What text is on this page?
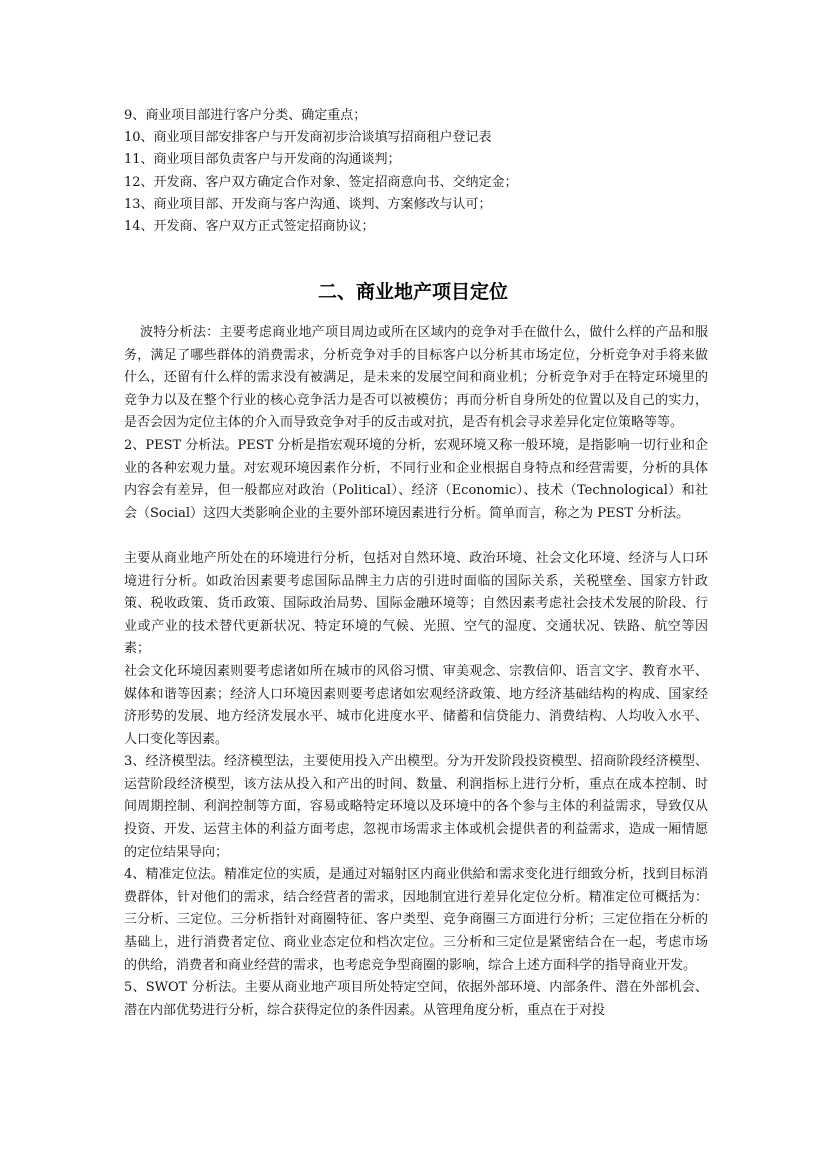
9、商业项目部进行客户分类、确定重点；
10、商业项目部安排客户与开发商初步洽谈填写招商租户登记表
11、商业项目部负责客户与开发商的沟通谈判；
12、开发商、客户双方确定合作对象、签定招商意向书、交纳定金；
13、商业项目部、开发商与客户沟通、谈判、方案修改与认可；
14、开发商、客户双方正式签定招商协议；
二、商业地产项目定位

波特分析法：主要考虑商业地产项目周边或所在区域内的竞争对手在做什么，做什么样的产品和服务，满足了哪些群体的消费需求，分析竞争对手的目标客户以分析其市场定位，分析竞争对手将来做什么，还留有什么样的需求没有被满足，是未来的发展空间和商业机；分析竞争对手在特定环境里的竞争力以及在整个行业的核心竞争活力是否可以被模仿；再而分析自身所处的位置以及自己的实力，是否会因为定位主体的介入而导致竞争对手的反击或对抗，是否有机会寻求差异化定位策略等等。

2、PEST 分析法。PEST 分析是指宏观环境的分析，宏观环境又称一般环境，是指影响一切行业和企业的各种宏观力量。对宏观环境因素作分析，不同行业和企业根据自身特点和经营需要，分析的具体内容会有差异，但一般都应对政治（Political）、经济（Economic）、技术（Technological）和社会（Social）这四大类影响企业的主要外部环境因素进行分析。简单而言，称之为 PEST 分析法。

主要从商业地产所处在的环境进行分析，包括对自然环境、政治环境、社会文化环境、经济与人口环境进行分析。如政治因素要考虑国际品牌主力店的引进时面临的国际关系，关税壁垒、国家方针政策、税收政策、货币政策、国际政治局势、国际金融环境等；自然因素考虑社会技术发展的阶段、行业或产业的技术替代更新状况、特定环境的气候、光照、空气的湿度、交通状况、铁路、航空等因素；

社会文化环境因素则要考虑诸如所在城市的风俗习惯、审美观念、宗教信仰、语言文字、教育水平、媒体和谐等因素；经济人口环境因素则要考虑诸如宏观经济政策、地方经济基础结构的构成、国家经济形势的发展、地方经济发展水平、城市化进度水平、储蓄和信贷能力、消费结构、人均收入水平、人口变化等因素。

3、经济模型法。经济模型法，主要使用投入产出模型。分为开发阶段投资模型、招商阶段经济模型、运营阶段经济模型，该方法从投入和产出的时间、数量、利润指标上进行分析，重点在成本控制、时间周期控制、利润控制等方面，容易或略特定环境以及环境中的各个参与主体的利益需求，导致仅从投资、开发、运营主体的利益方面考虑，忽视市场需求主体或机会提供者的利益需求，造成一厢情愿的定位结果导向；

4、精准定位法。精准定位的实质，是通过对辐射区内商业供給和需求变化进行细致分析，找到目标消费群体，针对他们的需求，结合经营者的需求，因地制宜进行差异化定位分析。精准定位可概括为：三分析、三定位。三分析指针对商圈特征、客户类型、竞争商圈三方面进行分析；三定位指在分析的基础上，进行消费者定位、商业业态定位和档次定位。三分析和三定位是紧密结合在一起，考虑市场的供给，消费者和商业经营的需求，也考虑竞争型商圈的影响，综合上述方面科学的指导商业开发。

5、SWOT 分析法。主要从商业地产项目所处特定空间，依据外部环境、内部条件、潜在外部机会、潜在内部优势进行分析，综合获得定位的条件因素。从管理角度分析，重点在于对投
